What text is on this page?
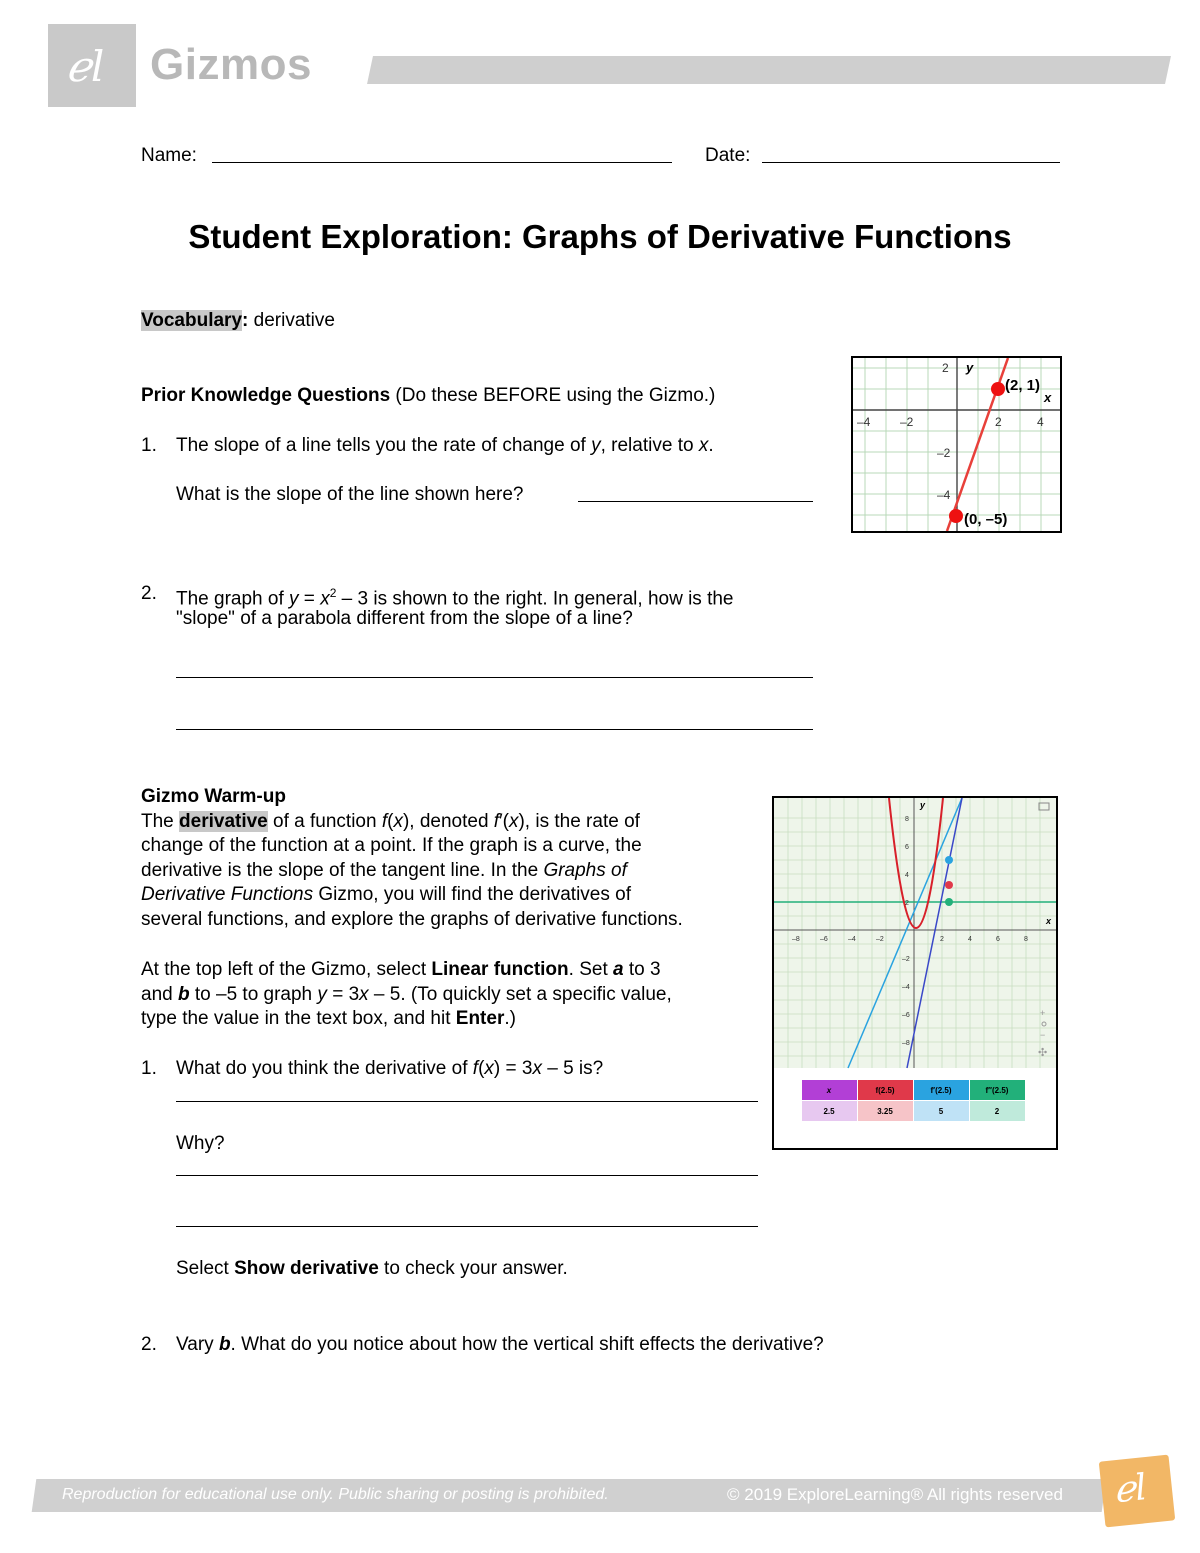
ℯl Gizmos
Name:	Date:
Student Exploration: Graphs of Derivative Functions
Vocabulary: derivative
Prior Knowledge Questions (Do these BEFORE using the Gizmo.)
1. The slope of a line tells you the rate of change of y, relative to x.
What is the slope of the line shown here?
2. The graph of $y = x^2 - 3$ is shown to the right. In general, how is the
"slope" of a parabola different from the slope of a line?
(2, 1)
(0, –5)
y
x
–4 –2	2	4
2
–2
–4
Gizmo Warm-up
The derivative of a function f(x), denoted f′(x), is the rate of
change of the function at a point. If the graph is a curve, the
derivative is the slope of the tangent line. In the Graphs of
Derivative Functions Gizmo, you will find the derivatives of
several functions, and explore the graphs of derivative functions.
At the top left of the Gizmo, select Linear function. Set a to 3
and b to –5 to graph y = 3x – 5. (To quickly set a specific value,
type the value in the text box, and hit Enter.)
1. What do you think the derivative of f(x) = 3x – 5 is?
Why?
Select Show derivative to check your answer.
2. Vary b. What do you notice about how the vertical shift effects the derivative?
y
x
–8	–6	–4	–2	2	4	6	8
8
6
4
2
–2
–4
–6
–8
+
−
✣
x	f(2.5)	f′(2.5)	f″(2.5)
2.5	3.25	5	2
Reproduction for educational use only. Public sharing or posting is prohibited.	© 2019 ExploreLearning® All rights reserved ℯl
